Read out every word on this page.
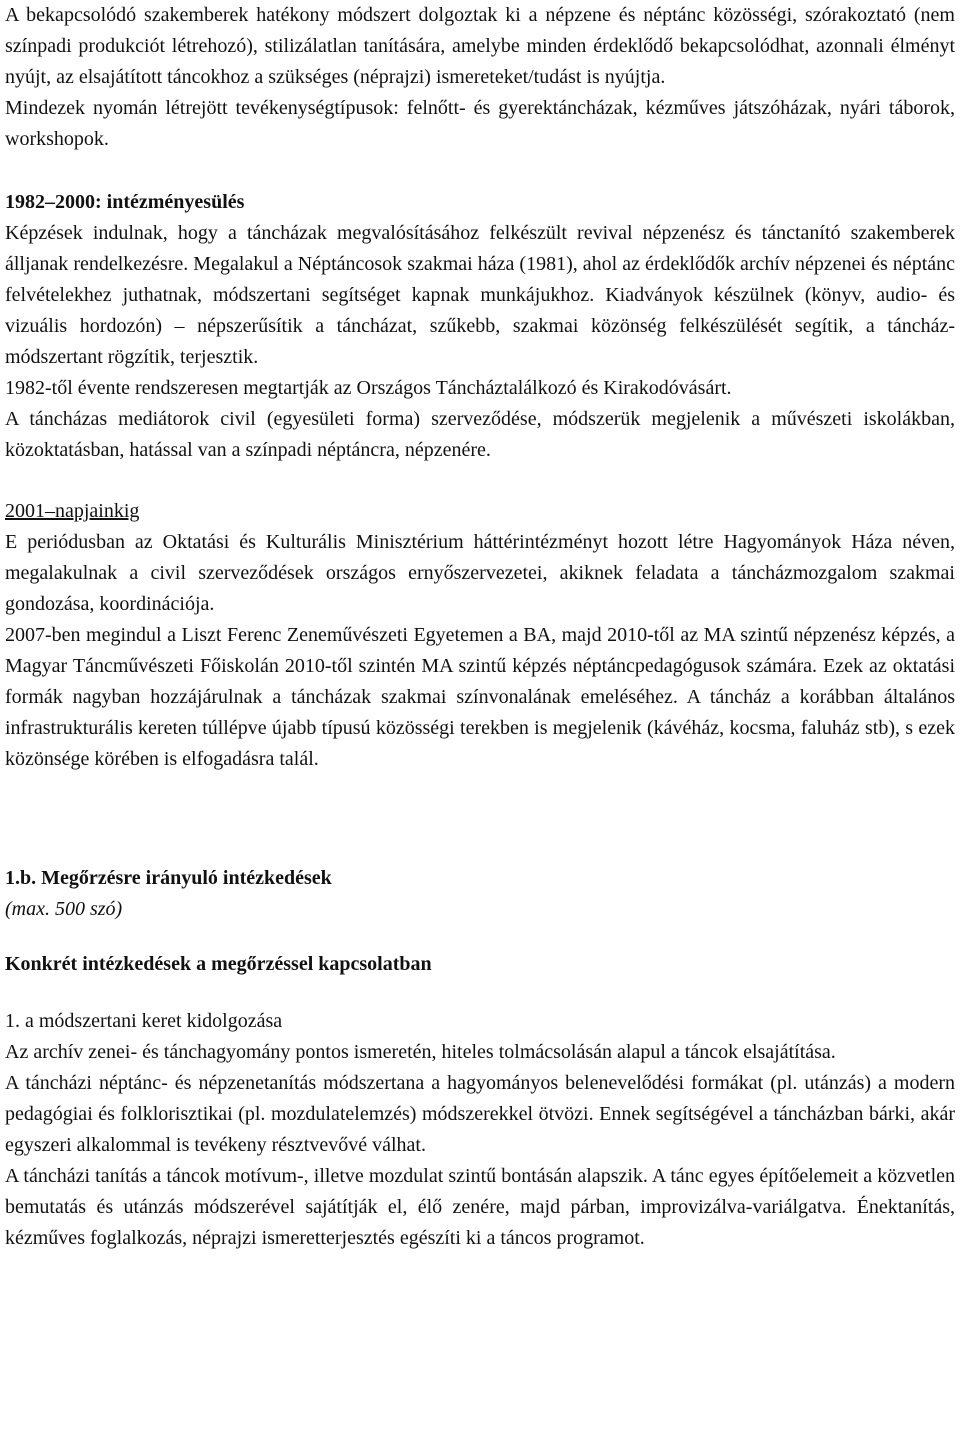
A bekapcsolódó szakemberek hatékony módszert dolgoztak ki a népzene és néptánc közösségi, szórakoztató (nem színpadi produkciót létrehozó), stilizálatlan tanítására, amelybe minden érdeklődő bekapcsolódhat, azonnali élményt nyújt, az elsajátított táncokhoz a szükséges (néprajzi) ismereteket/tudást is nyújtja.

Mindezek nyomán létrejött tevékenységtípusok: felnőtt- és gyerektáncházak, kézműves játszóházak, nyári táborok, workshopok.

1982–2000: intézményesülés

Képzések indulnak, hogy a táncházak megvalósításához felkészült revival népzenész és tánctanító szakemberek álljanak rendelkezésre. Megalakul a Néptáncosok szakmai háza (1981), ahol az érdeklődők archív népzenei és néptánc felvételekhez juthatnak, módszertani segítséget kapnak munkájukhoz. Kiadványok készülnek (könyv, audio- és vizuális hordozón) – népszerűsítik a táncházat, szűkebb, szakmai közönség felkészülését segítik, a táncház-módszertant rögzítik, terjesztik.

1982-től évente rendszeresen megtartják az Országos Táncháztalálkozó és Kirakodóvásárt.

A táncházas mediátorok civil (egyesületi forma) szerveződése, módszerük megjelenik a művészeti iskolákban, közoktatásban, hatással van a színpadi néptáncra, népzenére.

2001–napjainkig

E periódusban az Oktatási és Kulturális Minisztérium háttérintézményt hozott létre Hagyományok Háza néven, megalakulnak a civil szerveződések országos ernyőszervezetei, akiknek feladata a táncházmozgalom szakmai gondozása, koordinációja.

2007-ben megindul a Liszt Ferenc Zeneművészeti Egyetemen a BA, majd 2010-től az MA szintű népzenész képzés, a Magyar Táncművészeti Főiskolán 2010-től szintén MA szintű képzés néptáncpedagógusok számára. Ezek az oktatási formák nagyban hozzájárulnak a táncházak szakmai színvonalának emeléséhez. A táncház a korábban általános infrastrukturális kereten túllépve újabb típusú közösségi terekben is megjelenik (kávéház, kocsma, faluház stb), s ezek közönsége körében is elfogadásra talál.

1.b. Megőrzésre irányuló intézkedések

(max. 500 szó)

Konkrét intézkedések a megőrzéssel kapcsolatban

1. a módszertani keret kidolgozása

Az archív zenei- és tánchagyomány pontos ismeretén, hiteles tolmácsolásán alapul a táncok elsajátítása.

A táncházi néptánc- és népzenetanítás módszertana a hagyományos belenevelődési formákat (pl. utánzás) a modern pedagógiai és folklorisztikai (pl. mozdulatelemzés) módszerekkel ötvözi. Ennek segítségével a táncházban bárki, akár egyszeri alkalommal is tevékeny résztvevővé válhat.

A táncházi tanítás a táncok motívum-, illetve mozdulat szintű bontásán alapszik. A tánc egyes építőelemeit a közvetlen bemutatás és utánzás módszerével sajátítják el, élő zenére, majd párban, improvizálva-variálgatva. Énektanítás, kézműves foglalkozás, néprajzi ismeretterjesztés egészíti ki a táncos programot.
